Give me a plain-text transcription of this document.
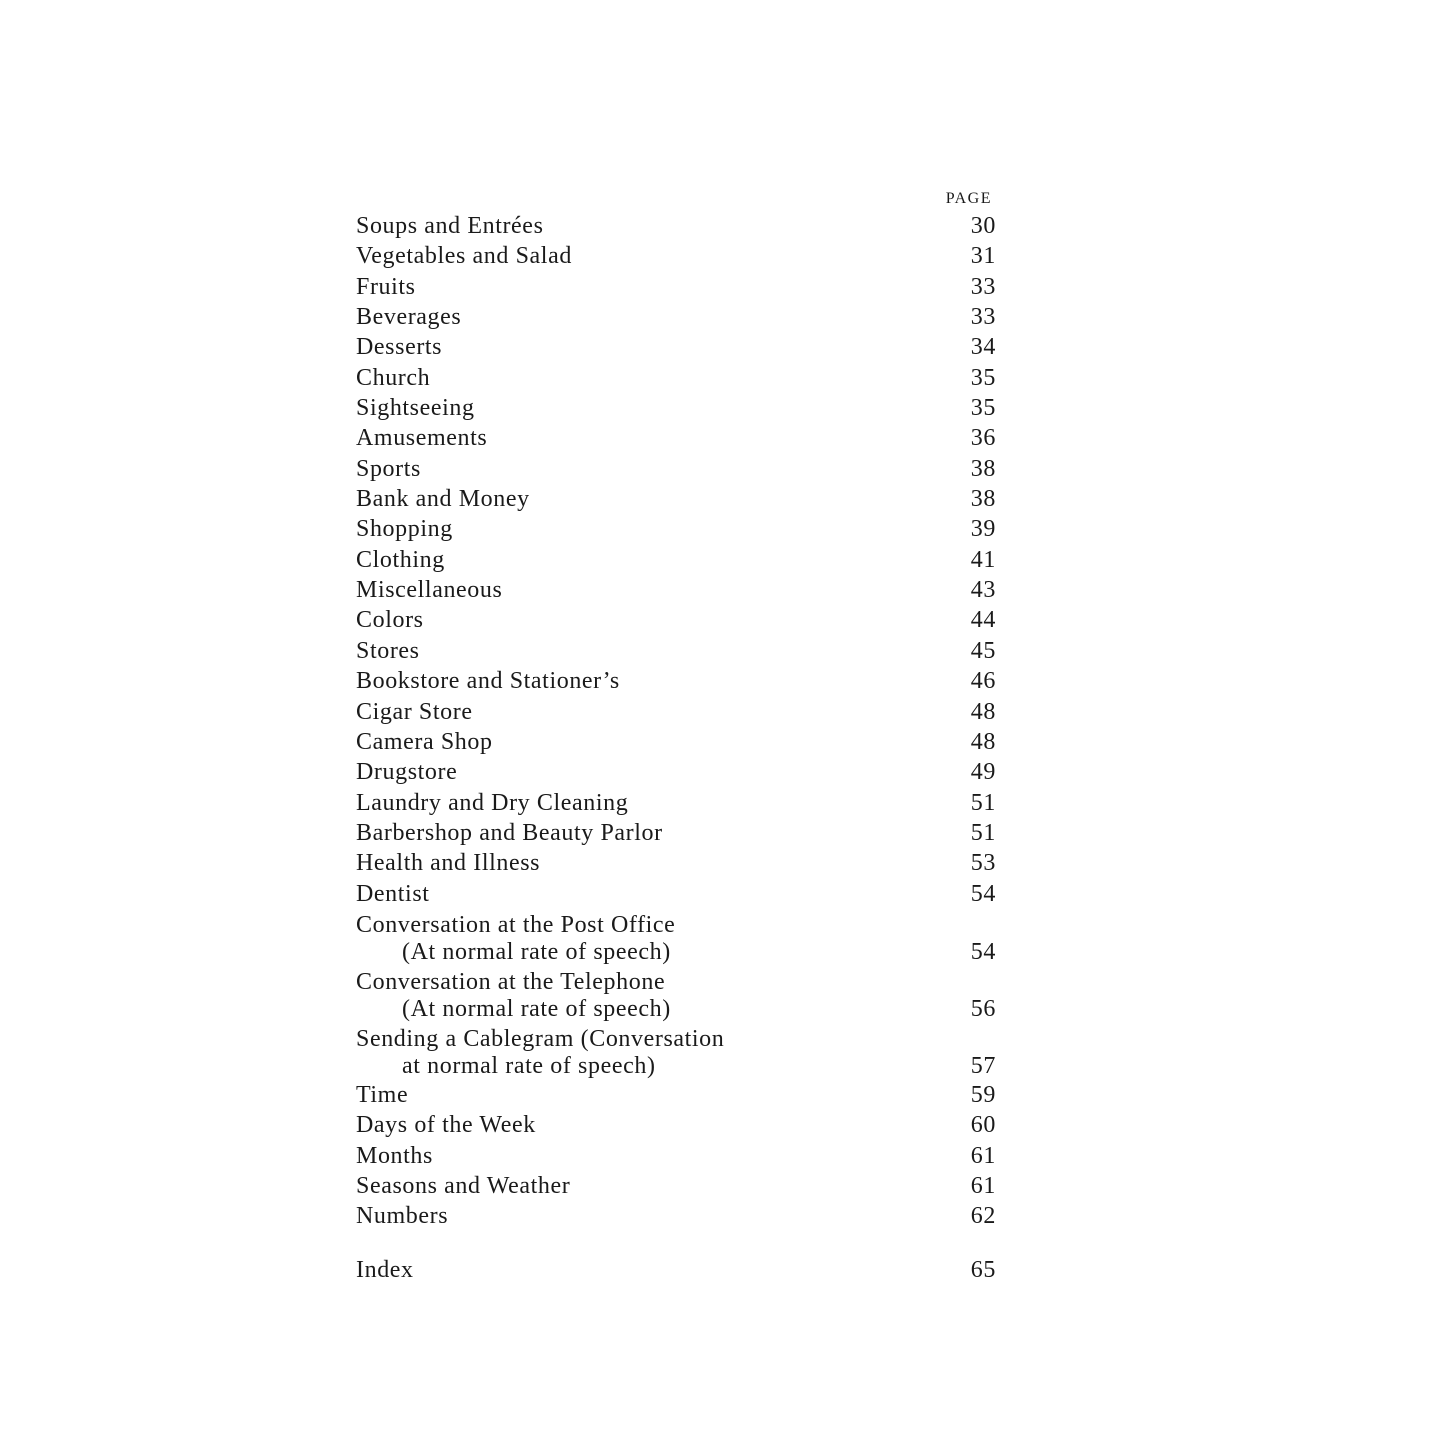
PAGE
Soups and Entrées	30
Vegetables and Salad	31
Fruits	33
Beverages	33
Desserts	34
Church	35
Sightseeing	35
Amusements	36
Sports	38
Bank and Money	38
Shopping	39
Clothing	41
Miscellaneous	43
Colors	44
Stores	45
Bookstore and Stationer’s	46
Cigar Store	48
Camera Shop	48
Drugstore	49
Laundry and Dry Cleaning	51
Barbershop and Beauty Parlor	51
Health and Illness	53
Dentist	54
Conversation at the Post Office
(At normal rate of speech)	54
Conversation at the Telephone
(At normal rate of speech)	56
Sending a Cablegram (Conversation
at normal rate of speech)	57
Time	59
Days of the Week	60
Months	61
Seasons and Weather	61
Numbers	62
Index	65
